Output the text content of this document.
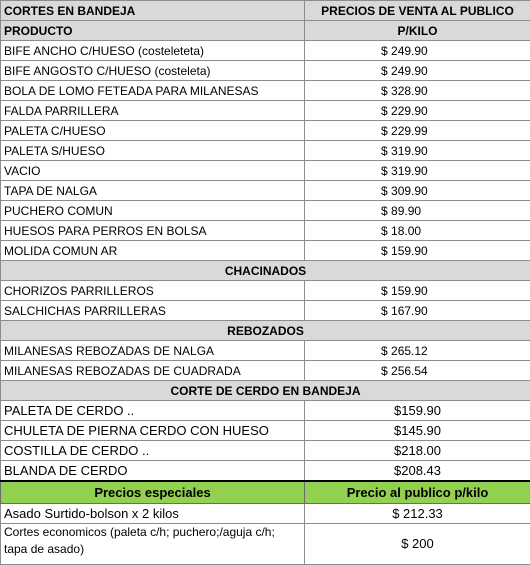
CORTES EN BANDEJA	PRECIOS DE VENTA AL PUBLICO
PRODUCTO	P/KILO
BIFE ANCHO C/HUESO (costeleteta)	$ 249.90
BIFE ANGOSTO C/HUESO (costeleta)	$ 249.90
BOLA DE LOMO FETEADA PARA MILANESAS	$ 328.90
FALDA PARRILLERA	$ 229.90
PALETA C/HUESO	$ 229.99
PALETA S/HUESO	$ 319.90
VACIO	$ 319.90
TAPA DE NALGA	$ 309.90
PUCHERO COMUN	$ 89.90
HUESOS PARA PERROS EN BOLSA	$ 18.00
MOLIDA COMUN AR	$ 159.90
CHACINADOS	
CHORIZOS PARRILLEROS	$ 159.90
SALCHICHAS PARRILLERAS	$ 167.90
REBOZADOS	
MILANESAS REBOZADAS DE NALGA	$ 265.12
MILANESAS REBOZADAS DE CUADRADA	$ 256.54
CORTE DE CERDO EN BANDEJA	
PALETA DE CERDO ..	$159.90
CHULETA DE PIERNA CERDO CON HUESO	$145.90
COSTILLA DE CERDO ..	$218.00
BLANDA DE CERDO	$208.43
Precios especiales	Precio al publico p/kilo
Asado Surtido-bolson x 2 kilos	$ 212.33
Cortes economicos (paleta c/h; puchero;/aguja c/h; tapa de asado)	$ 200
